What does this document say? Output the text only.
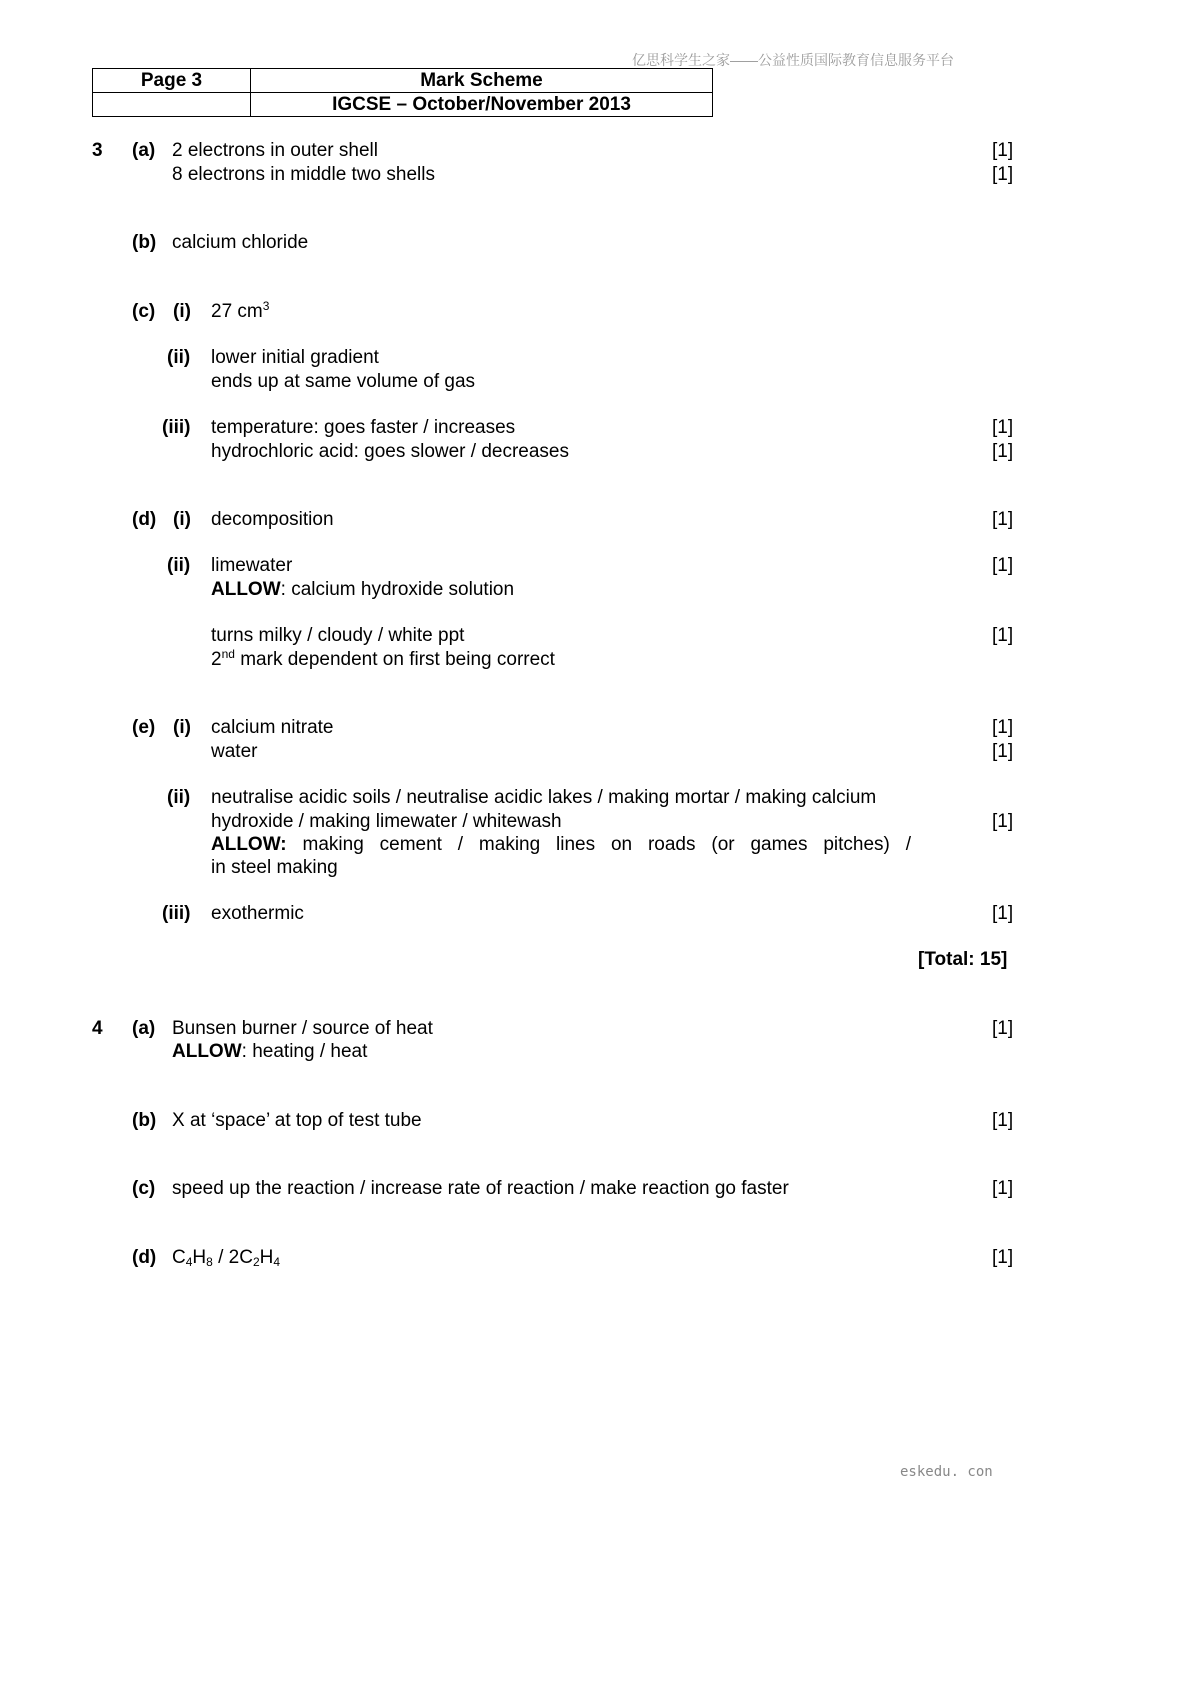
亿思科学生之家——公益性质国际教育信息服务平台
Page 3	Mark Scheme
	IGCSE – October/November 2013
3 (a) 2 electrons in outer shell	[1]
8 electrons in middle two shells	[1]
(b) calcium chloride
(c) (i) 27 $cm^3$
(ii) lower initial gradient
ends up at same volume of gas
(iii) temperature: goes faster / increases	[1]
hydrochloric acid: goes slower / decreases	[1]
(d) (i) decomposition	[1]
(ii) limewater	[1]
ALLOW: calcium hydroxide solution
turns milky / cloudy / white ppt	[1]
2nd mark dependent on first being correct
(e) (i) calcium nitrate	[1]
water	[1]
(ii) neutralise acidic soils / neutralise acidic lakes / making mortar / making calcium
hydroxide / making limewater / whitewash	[1]
ALLOW: making cement / making lines on roads (or games pitches) /
in steel making
(iii) exothermic	[1]
[Total: 15]
4 (a) Bunsen burner / source of heat	[1]
ALLOW: heating / heat
(b) X at ‘space’ at top of test tube	[1]
(c) speed up the reaction / increase rate of reaction / make reaction go faster	[1]
(d) $C_4H_8 / 2C_2H_4$	[1]
eskedu. con
